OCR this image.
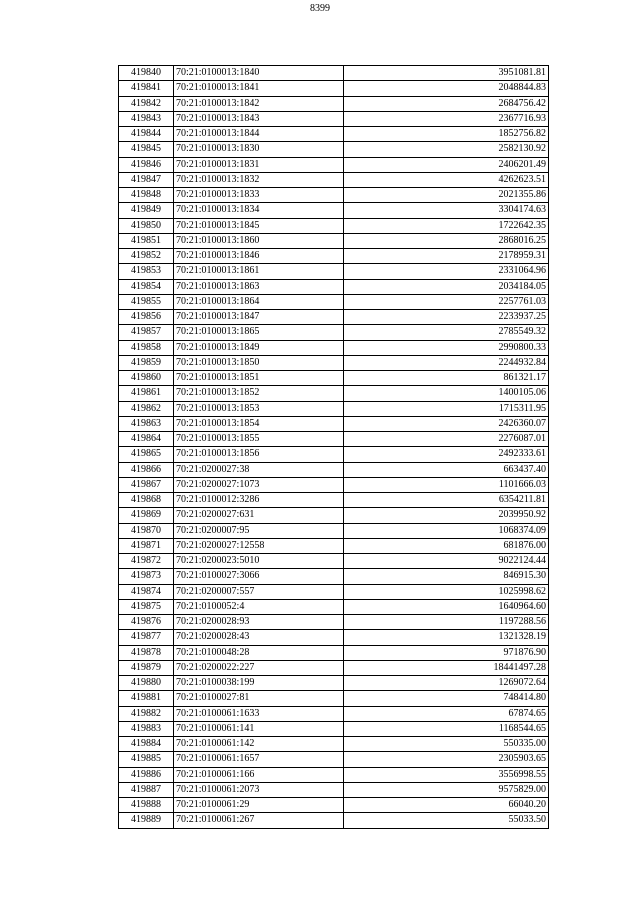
8399
419840	70:21:0100013:1840	3951081.81
419841	70:21:0100013:1841	2048844.83
419842	70:21:0100013:1842	2684756.42
419843	70:21:0100013:1843	2367716.93
419844	70:21:0100013:1844	1852756.82
419845	70:21:0100013:1830	2582130.92
419846	70:21:0100013:1831	2406201.49
419847	70:21:0100013:1832	4262623.51
419848	70:21:0100013:1833	2021355.86
419849	70:21:0100013:1834	3304174.63
419850	70:21:0100013:1845	1722642.35
419851	70:21:0100013:1860	2868016.25
419852	70:21:0100013:1846	2178959.31
419853	70:21:0100013:1861	2331064.96
419854	70:21:0100013:1863	2034184.05
419855	70:21:0100013:1864	2257761.03
419856	70:21:0100013:1847	2233937.25
419857	70:21:0100013:1865	2785549.32
419858	70:21:0100013:1849	2990800.33
419859	70:21:0100013:1850	2244932.84
419860	70:21:0100013:1851	861321.17
419861	70:21:0100013:1852	1400105.06
419862	70:21:0100013:1853	1715311.95
419863	70:21:0100013:1854	2426360.07
419864	70:21:0100013:1855	2276087.01
419865	70:21:0100013:1856	2492333.61
419866	70:21:0200027:38	663437.40
419867	70:21:0200027:1073	1101666.03
419868	70:21:0100012:3286	6354211.81
419869	70:21:0200027:631	2039950.92
419870	70:21:0200007:95	1068374.09
419871	70:21:0200027:12558	681876.00
419872	70:21:0200023:5010	9022124.44
419873	70:21:0100027:3066	846915.30
419874	70:21:0200007:557	1025998.62
419875	70:21:0100052:4	1640964.60
419876	70:21:0200028:93	1197288.56
419877	70:21:0200028:43	1321328.19
419878	70:21:0100048:28	971876.90
419879	70:21:0200022:227	18441497.28
419880	70:21:0100038:199	1269072.64
419881	70:21:0100027:81	748414.80
419882	70:21:0100061:1633	67874.65
419883	70:21:0100061:141	1168544.65
419884	70:21:0100061:142	550335.00
419885	70:21:0100061:1657	2305903.65
419886	70:21:0100061:166	3556998.55
419887	70:21:0100061:2073	9575829.00
419888	70:21:0100061:29	66040.20
419889	70:21:0100061:267	55033.50
